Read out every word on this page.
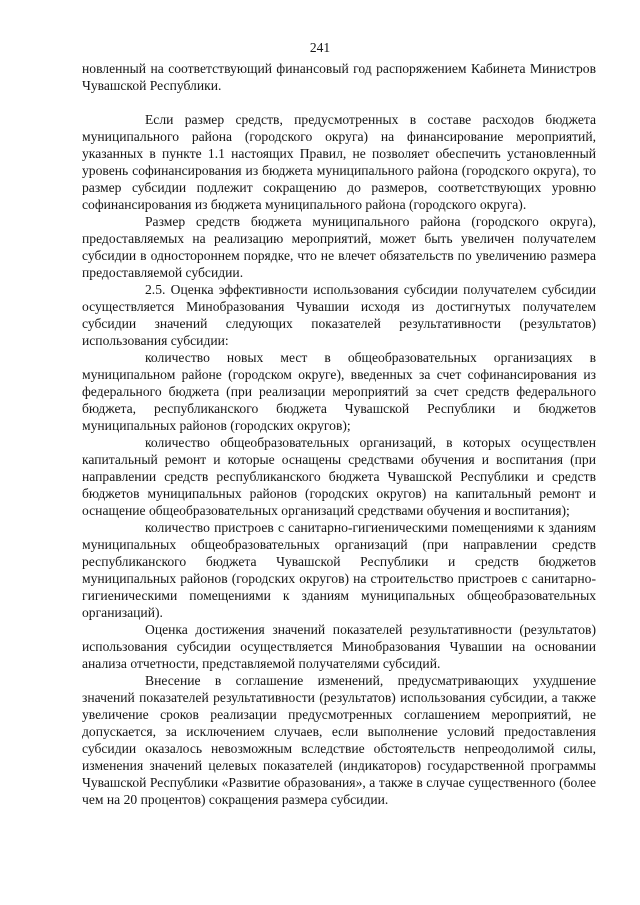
241

новленный на соответствующий финансовый год распоряжением Кабинета Министров Чувашской Республики.

Если размер средств, предусмотренных в составе расходов бюджета муниципального района (городского округа) на финансирование мероприятий, указанных в пункте 1.1 настоящих Правил, не позволяет обеспечить установленный уровень софинансирования из бюджета муниципального района (городского округа), то размер субсидии подлежит сокращению до размеров, соответствующих уровню софинансирования из бюджета муниципального района (городского округа).

Размер средств бюджета муниципального района (городского округа), предоставляемых на реализацию мероприятий, может быть увеличен получателем субсидии в одностороннем порядке, что не влечет обязательств по увеличению размера предоставляемой субсидии.

2.5. Оценка эффективности использования субсидии получателем субсидии осуществляется Минобразования Чувашии исходя из достигнутых получателем субсидии значений следующих показателей результативности (результатов) использования субсидии:

количество новых мест в общеобразовательных организациях в муниципальном районе (городском округе), введенных за счет софинансирования из федерального бюджета (при реализации мероприятий за счет средств федерального бюджета, республиканского бюджета Чувашской Республики и бюджетов муниципальных районов (городских округов);

количество общеобразовательных организаций, в которых осуществлен капитальный ремонт и которые оснащены средствами обучения и воспитания (при направлении средств республиканского бюджета Чувашской Республики и средств бюджетов муниципальных районов (городских округов) на капитальный ремонт и оснащение общеобразовательных организаций средствами обучения и воспитания);

количество пристроев с санитарно-гигиеническими помещениями к зданиям муниципальных общеобразовательных организаций (при направлении средств республиканского бюджета Чувашской Республики и средств бюджетов муниципальных районов (городских округов) на строительство пристроев с санитарно-гигиеническими помещениями к зданиям муниципальных общеобразовательных организаций).

Оценка достижения значений показателей результативности (результатов) использования субсидии осуществляется Минобразования Чувашии на основании анализа отчетности, представляемой получателями субсидий.

Внесение в соглашение изменений, предусматривающих ухудшение значений показателей результативности (результатов) использования субсидии, а также увеличение сроков реализации предусмотренных соглашением мероприятий, не допускается, за исключением случаев, если выполнение условий предоставления субсидии оказалось невозможным вследствие обстоятельств непреодолимой силы, изменения значений целевых показателей (индикаторов) государственной программы Чувашской Республики «Развитие образования», а также в случае существенного (более чем на 20 процентов) сокращения размера субсидии.
